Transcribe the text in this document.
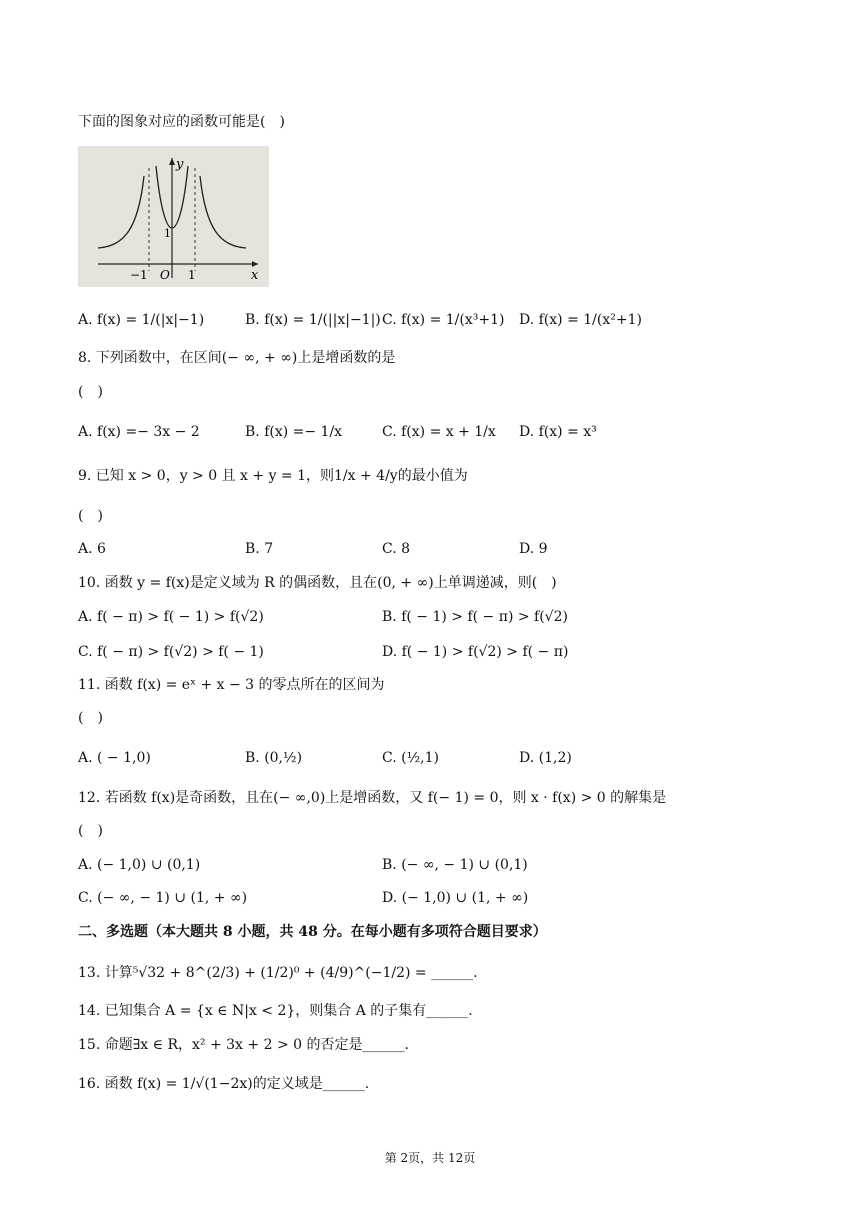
下面的图象对应的函数可能是(　)
y
x
O
−1	1
1
A. f(x) = 1/(|x|−1)	B. f(x) = 1/(||x|−1|) C. f(x) = 1/(x³+1) D. f(x) = 1/(x²+1)
8. 下列函数中，在区间(− ∞, + ∞)上是增函数的是
(　)
A. f(x) =− 3x − 2	B. f(x) =− 1/x	C. f(x) = x + 1/x D. f(x) = x³
9. 已知 x > 0，y > 0 且 x + y = 1，则1/x + 4/y的最小值为
(　)
A. 6	B. 7	C. 8	D. 9
10. 函数 y = f(x)是定义域为 R 的偶函数，且在(0, + ∞)上单调递减，则(　)
A. f( − π) > f( − 1) > f(√2)	B. f( − 1) > f( − π) > f(√2)
C. f( − π) > f(√2) > f( − 1)	D. f( − 1) > f(√2) > f( − π)
11. 函数 f(x) = eˣ + x − 3 的零点所在的区间为
(　)
A. ( − 1,0)	B. (0,½)	C. (½,1)	D. (1,2)
12. 若函数 f(x)是奇函数，且在(− ∞,0)上是增函数，又 f(− 1) = 0，则 x · f(x) > 0 的解集是
(　)
A. (− 1,0) ∪ (0,1)	B. (− ∞, − 1) ∪ (0,1)
C. (− ∞, − 1) ∪ (1, + ∞)	D. (− 1,0) ∪ (1, + ∞)
二、多选题（本大题共 8 小题，共 48 分。在每小题有多项符合题目要求）
13. 计算⁵√32 + 8^(2/3) + (1/2)⁰ + (4/9)^(−1/2) = ______.
14. 已知集合 A = {x ∈ N|x < 2}，则集合 A 的子集有______.
15. 命题∃x ∈ R，x² + 3x + 2 > 0 的否定是______.
16. 函数 f(x) = 1/√(1−2x)的定义域是______.
第 2页，共 12页
